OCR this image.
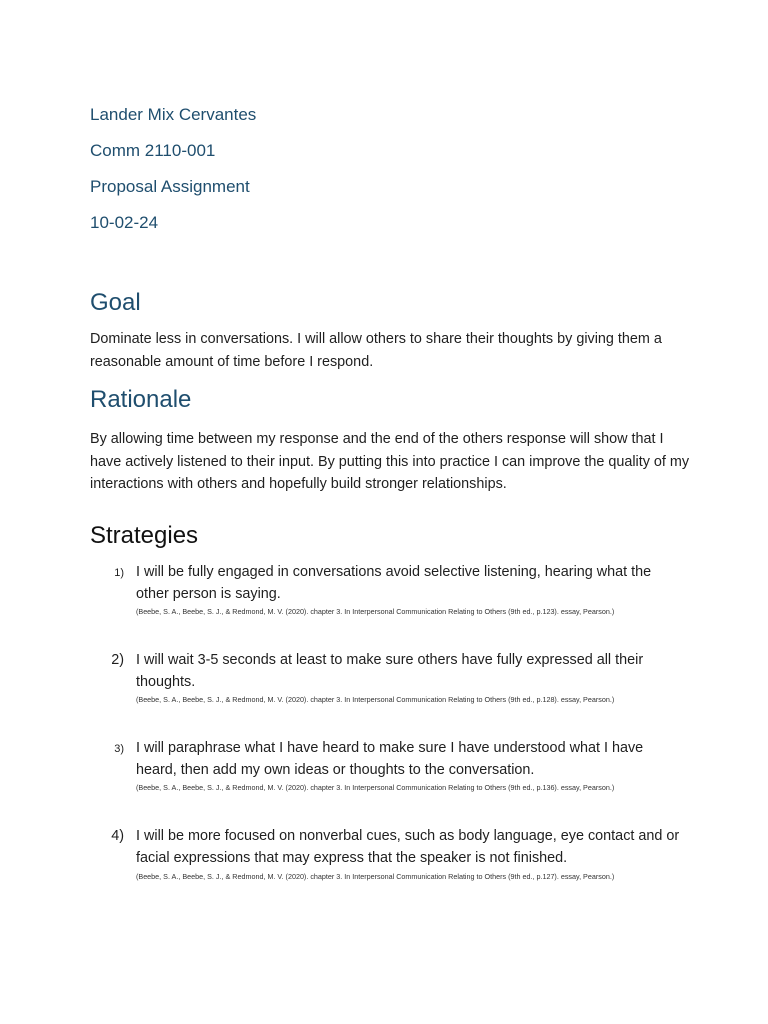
Lander Mix Cervantes
Comm 2110-001
Proposal Assignment
10-02-24
Goal
Dominate less in conversations. I will allow others to share their thoughts by giving them a reasonable amount of time before I respond.
Rationale
By allowing time between my response and the end of the others response will show that I have actively listened to their input. By putting this into practice I can improve the quality of my interactions with others and hopefully build stronger relationships.
Strategies
1) I will be fully engaged in conversations avoid selective listening, hearing what the other person is saying.
(Beebe, S. A., Beebe, S. J., & Redmond, M. V. (2020). chapter 3. In Interpersonal Communication Relating to Others (9th ed., p.123). essay, Pearson.)
2) I will wait 3-5 seconds at least to make sure others have fully expressed all their thoughts.
(Beebe, S. A., Beebe, S. J., & Redmond, M. V. (2020). chapter 3. In Interpersonal Communication Relating to Others (9th ed., p.128). essay, Pearson.)
3) I will paraphrase what I have heard to make sure I have understood what I have heard, then add my own ideas or thoughts to the conversation.
(Beebe, S. A., Beebe, S. J., & Redmond, M. V. (2020). chapter 3. In Interpersonal Communication Relating to Others (9th ed., p.136). essay, Pearson.)
4) I will be more focused on nonverbal cues, such as body language, eye contact and or facial expressions that may express that the speaker is not finished.
(Beebe, S. A., Beebe, S. J., & Redmond, M. V. (2020). chapter 3. In Interpersonal Communication Relating to Others (9th ed., p.127). essay, Pearson.)
